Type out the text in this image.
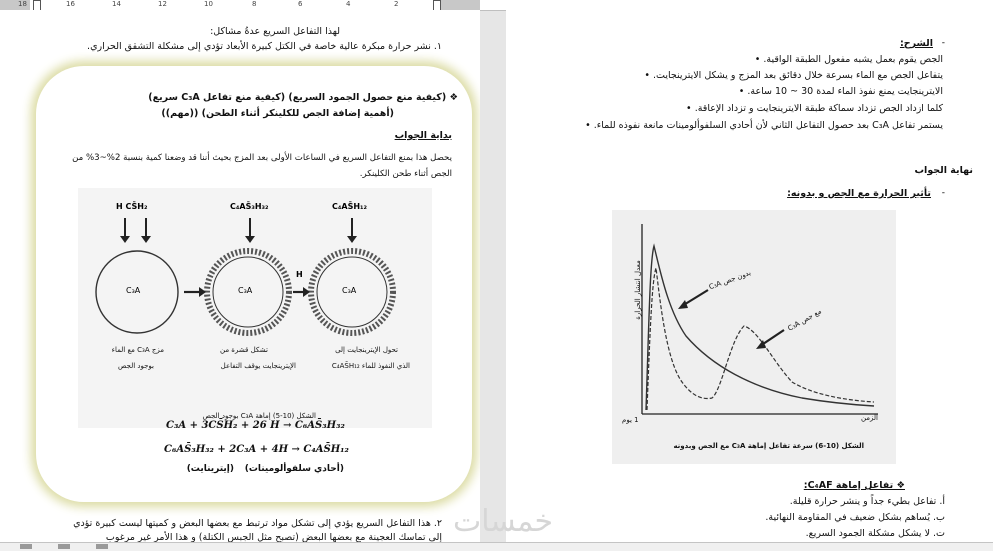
18	16	14	12	10	8	6	4	2
لهذا التفاعل السريع عدةُ مشاكل:
١. نشر حرارة مبكرة عالية خاصة في الكتل كبيرة الأبعاد تؤدي إلى مشكلة التشقق الحراري.
❖ (كيفية منع حصول الجمود السريع) (كيفية منع تفاعل C₃A سريع)
(أهمية إضافة الجص للكلينكر أثناء الطحن) ((مهم))
بداية الجواب
يحصل هذا بمنع التفاعل السريع في الساعات الأولى بعد المزج بحيث أننا قد وضعنا كمية بنسبة 2%~3% من
الجص أثناء طحن الكلينكر.
H CS̄H₂	C₄AS̄₃H₃₂	C₄AS̄H₁₂
C₃A	C₃A	C₃A
H
مزج C₃A مع الماء
بوجود الجص
تشكل قشرة من
الإيترينجايت يوقف التفاعل
تحول الإيترينجايت إلى
الذي النفوذ للماء C₄AS̄H₁₂
الشكل (10-5) إماهة C₃A بوجود الجص
C₃A + 3CS̄H₂ + 26 H → C₆AS̄₃H₃₂
C₆AS̄₃H₃₂ + 2C₃A + 4H → C₄AS̄H₁₂
(إيترينايت) (أحادي سلفوألومينات)
٢. هذا التفاعل السريع يؤدي إلى تشكل مواد ترتبط مع بعضها البعض و كميتها ليست كبيرة تؤدي
إلى تماسك العجينة مع بعضها البعض (تصبح مثل الجبس الكتلة) و هذا الأمر غير مرغوب
الشرح: -
الجص يقوم بعمل يشبه مفعول الطبقة الواقية. •
يتفاعل الجص مع الماء بسرعة خلال دقائق بعد المزج و يشكل الايترينجايت. •
الايترينجايت يمنع نفوذ الماء لمدة 30 ~ 10 ساعة. •
كلما ازداد الجص تزداد سماكة طبقة الايترينجايت و تزداد الإعاقة. •
يستمر تفاعل C₃A بعد حصول التفاعل الثاني لأن أحادي السلفوألومينات مانعة نفوذه للماء. •
نهاية الجواب
تأثير الحرارة مع الجص و بدونه: -
معدل انتشار الحرارة
الزمن
1 يوم
بدون جص C₃A
مع جص C₃A
الشكل (10-6) سرعة تفاعل إماهة C₃A مع الجص وبدونه
❖ تفاعل إماهة C₄AF:
أ. تفاعل بطيء جداً و ينشر حرارة قليلة.
ب. يُساهم بشكل ضعيف في المقاومة النهائية.
ت. لا يشكل مشكلة الجمود السريع.
خمسات
